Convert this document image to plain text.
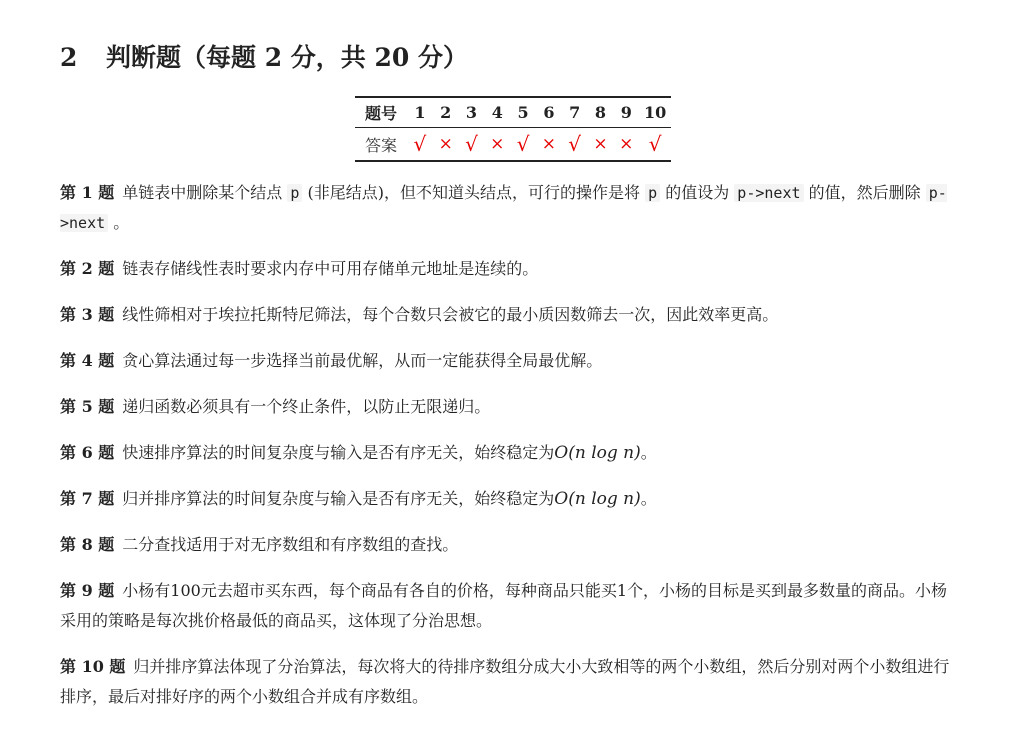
2 判断题（每题 2 分，共 20 分）
题号	1	2	3	4	5	6	7	8	9	10
答案	√	×	√	×	√	×	√	×	×	√

第 1 题 单链表中删除某个结点 p (非尾结点)，但不知道头结点，可行的操作是将 p 的值设为 p->next 的值，然后删除 p->next 。

第 2 题 链表存储线性表时要求内存中可用存储单元地址是连续的。

第 3 题 线性筛相对于埃拉托斯特尼筛法，每个合数只会被它的最小质因数筛去一次，因此效率更高。

第 4 题 贪心算法通过每一步选择当前最优解，从而一定能获得全局最优解。

第 5 题 递归函数必须具有一个终止条件，以防止无限递归。

第 6 题 快速排序算法的时间复杂度与输入是否有序无关，始终稳定为O(n log n)。

第 7 题 归并排序算法的时间复杂度与输入是否有序无关，始终稳定为O(n log n)。

第 8 题 二分查找适用于对无序数组和有序数组的查找。

第 9 题 小杨有100元去超市买东西，每个商品有各自的价格，每种商品只能买1个，小杨的目标是买到最多数量的商品。小杨采用的策略是每次挑价格最低的商品买，这体现了分治思想。

第 10 题 归并排序算法体现了分治算法，每次将大的待排序数组分成大小大致相等的两个小数组，然后分别对两个小数组进行排序，最后对排好序的两个小数组合并成有序数组。
